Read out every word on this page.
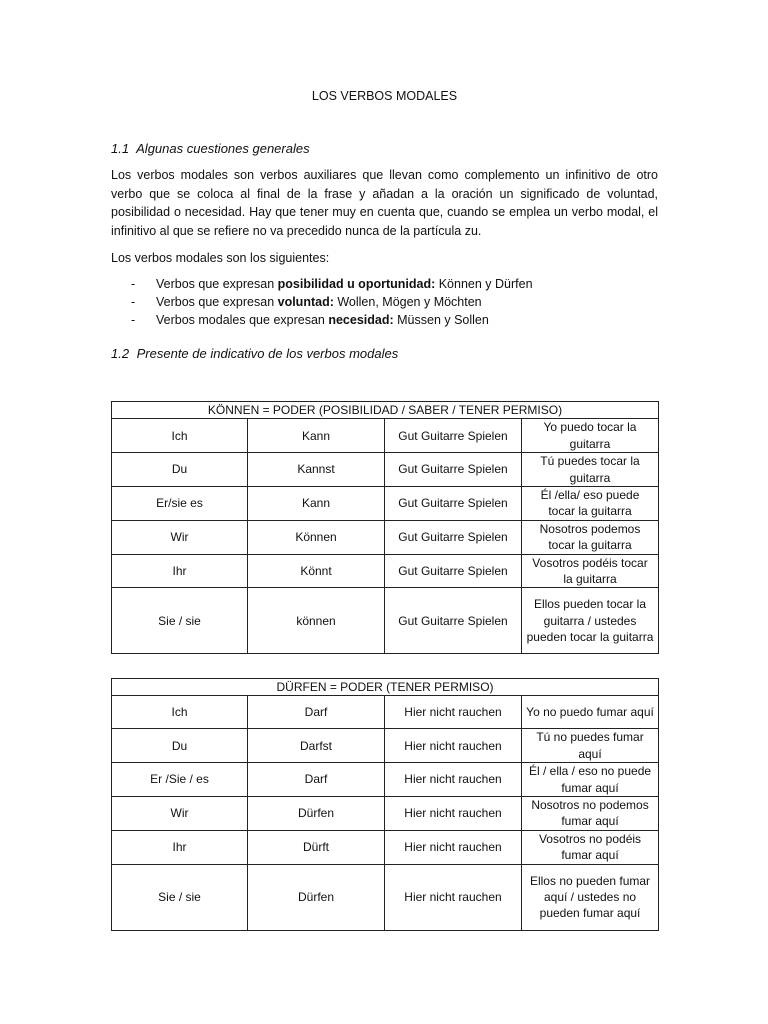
LOS VERBOS MODALES
1.1 Algunas cuestiones generales

Los verbos modales son verbos auxiliares que llevan como complemento un infinitivo de otro verbo que se coloca al final de la frase y añadan a la oración un significado de voluntad, posibilidad o necesidad. Hay que tener muy en cuenta que, cuando se emplea un verbo modal, el infinitivo al que se refiere no va precedido nunca de la partícula zu.

Los verbos modales son los siguientes:

- Verbos que expresan posibilidad u oportunidad: Können y Dürfen
- Verbos que expresan voluntad: Wollen, Mögen y Möchten
- Verbos modales que expresan necesidad: Müssen y Sollen
1.2 Presente de indicativo de los verbos modales
KÖNNEN = PODER (POSIBILIDAD / SABER / TENER PERMISO)			
Ich	Kann	Gut Guitarre Spielen	Yo puedo tocar la guitarra
Du	Kannst	Gut Guitarre Spielen	Tú puedes tocar la guitarra
Er/sie es	Kann	Gut Guitarre Spielen	Él /ella/ eso puede tocar la guitarra
Wir	Können	Gut Guitarre Spielen	Nosotros podemos tocar la guitarra
Ihr	Könnt	Gut Guitarre Spielen	Vosotros podéis tocar la guitarra
Sie / sie	können	Gut Guitarre Spielen	Ellos pueden tocar la guitarra / ustedes pueden tocar la guitarra
DÜRFEN = PODER (TENER PERMISO)			
Ich	Darf	Hier nicht rauchen	Yo no puedo fumar aquí
Du	Darfst	Hier nicht rauchen	Tú no puedes fumar aquí
Er /Sie / es	Darf	Hier nicht rauchen	Él / ella / eso no puede fumar aquí
Wir	Dürfen	Hier nicht rauchen	Nosotros no podemos fumar aquí
Ihr	Dürft	Hier nicht rauchen	Vosotros no podéis fumar aquí
Sie / sie	Dürfen	Hier nicht rauchen	Ellos no pueden fumar aquí / ustedes no pueden fumar aquí
